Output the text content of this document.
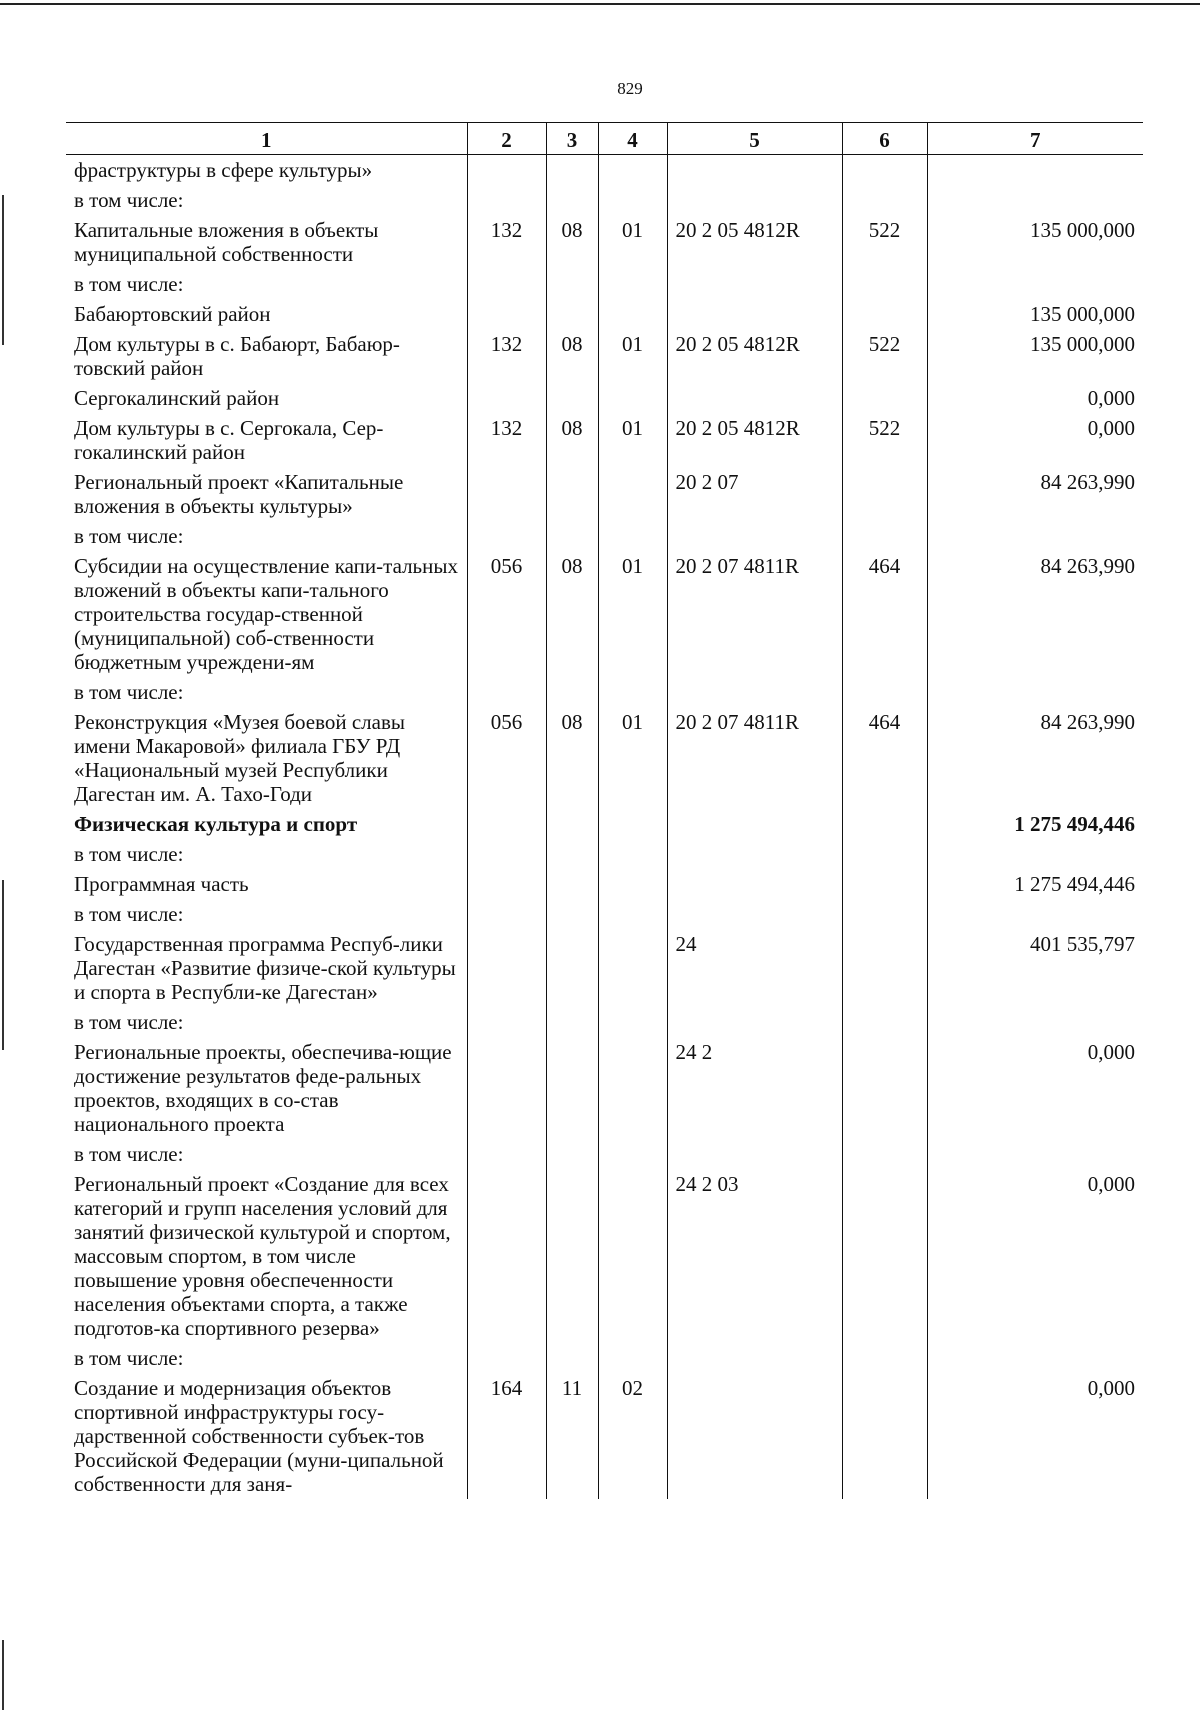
829
1	2	3	4	5	6	7
фраструктуры в сфере культуры»						
в том числе:						
Капитальные вложения в объекты муниципальной собственности	132	08	01	20 2 05 4812R	522	135 000,000
в том числе:						
Бабаюртовский район						135 000,000
Дом культуры в с. Бабаюрт, Бабаюр-товский район	132	08	01	20 2 05 4812R	522	135 000,000
Сергокалинский район						0,000
Дом культуры в с. Сергокала, Сер-гокалинский район	132	08	01	20 2 05 4812R	522	0,000
Региональный проект «Капитальные вложения в объекты культуры»				20 2 07		84 263,990
в том числе:						
Субсидии на осуществление капи-тальных вложений в объекты капи-тального строительства государ-ственной (муниципальной) соб-ственности бюджетным учреждени-ям	056	08	01	20 2 07 4811R	464	84 263,990
в том числе:						
Реконструкция «Музея боевой славы имени Макаровой» филиала ГБУ РД «Национальный музей Республики Дагестан им. А. Тахо-Годи	056	08	01	20 2 07 4811R	464	84 263,990
Физическая культура и спорт						1 275 494,446
в том числе:						
Программная часть						1 275 494,446
в том числе:						
Государственная программа Респуб-лики Дагестан «Развитие физиче-ской культуры и спорта в Республи-ке Дагестан»				24		401 535,797
в том числе:						
Региональные проекты, обеспечива-ющие достижение результатов феде-ральных проектов, входящих в со-став национального проекта				24 2		0,000
в том числе:						
Региональный проект «Создание для всех категорий и групп населения условий для занятий физической культурой и спортом, массовым спортом, в том числе повышение уровня обеспеченности населения объектами спорта, а также подготов-ка спортивного резерва»				24 2 03		0,000
в том числе:						
Создание и модернизация объектов спортивной инфраструктуры госу-дарственной собственности субъек-тов Российской Федерации (муни-ципальной собственности для заня-	164	11	02			0,000
